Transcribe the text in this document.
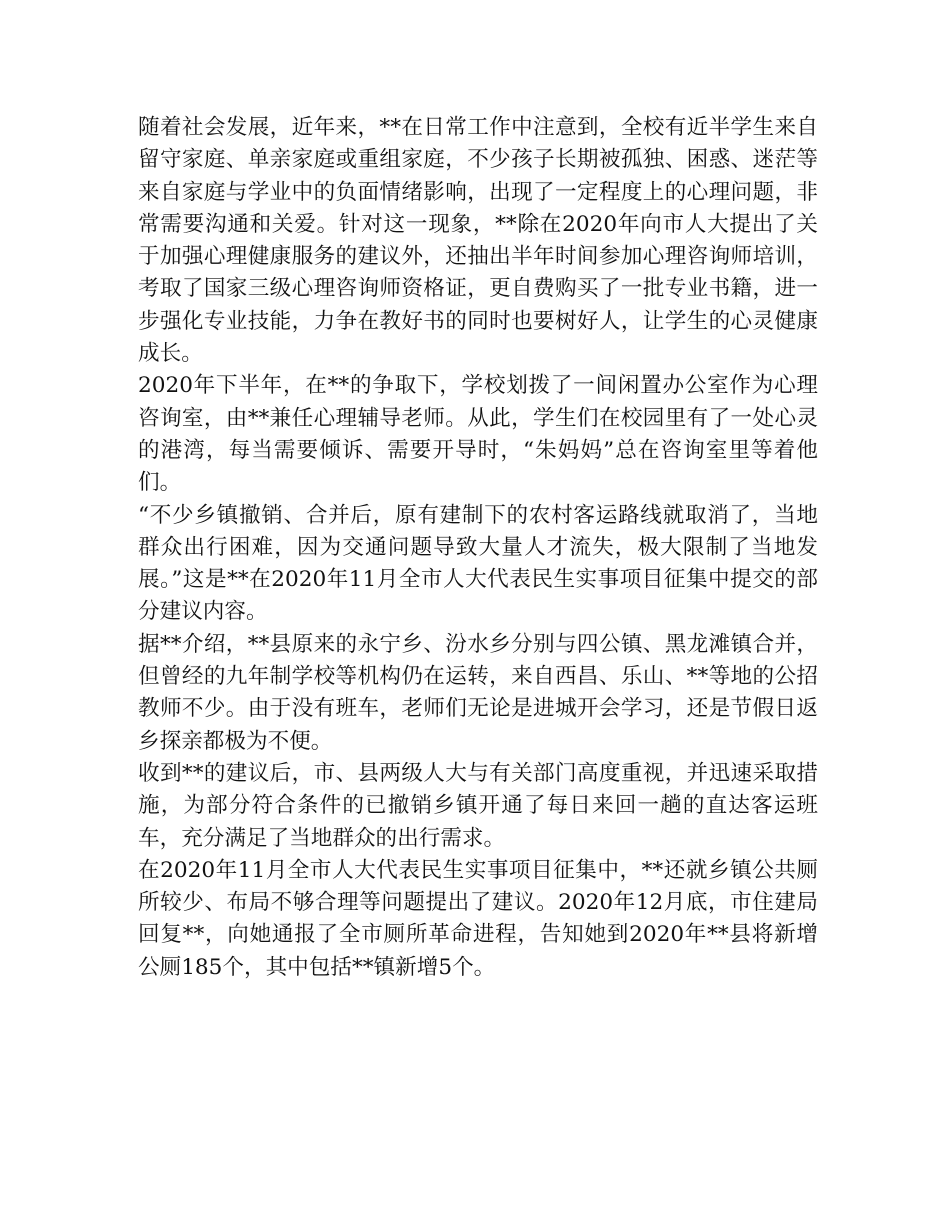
随着社会发展，近年来，**在日常工作中注意到，全校有近半学生来自留守家庭、单亲家庭或重组家庭，不少孩子长期被孤独、困惑、迷茫等来自家庭与学业中的负面情绪影响，出现了一定程度上的心理问题，非常需要沟通和关爱。针对这一现象，**除在2020年向市人大提出了关于加强心理健康服务的建议外，还抽出半年时间参加心理咨询师培训，考取了国家三级心理咨询师资格证，更自费购买了一批专业书籍，进一步强化专业技能，力争在教好书的同时也要树好人，让学生的心灵健康成长。

2020年下半年，在**的争取下，学校划拨了一间闲置办公室作为心理咨询室，由**兼任心理辅导老师。从此，学生们在校园里有了一处心灵的港湾，每当需要倾诉、需要开导时，“朱妈妈”总在咨询室里等着他们。

“不少乡镇撤销、合并后，原有建制下的农村客运路线就取消了，当地群众出行困难，因为交通问题导致大量人才流失，极大限制了当地发展。”这是**在2020年11月全市人大代表民生实事项目征集中提交的部分建议内容。

据**介绍，**县原来的永宁乡、汾水乡分别与四公镇、黑龙滩镇合并，但曾经的九年制学校等机构仍在运转，来自西昌、乐山、**等地的公招教师不少。由于没有班车，老师们无论是进城开会学习，还是节假日返乡探亲都极为不便。

收到**的建议后，市、县两级人大与有关部门高度重视，并迅速采取措施，为部分符合条件的已撤销乡镇开通了每日来回一趟的直达客运班车，充分满足了当地群众的出行需求。

在2020年11月全市人大代表民生实事项目征集中，**还就乡镇公共厕所较少、布局不够合理等问题提出了建议。2020年12月底，市住建局回复**，向她通报了全市厕所革命进程，告知她到2020年**县将新增公厕185个，其中包括**镇新增5个。
